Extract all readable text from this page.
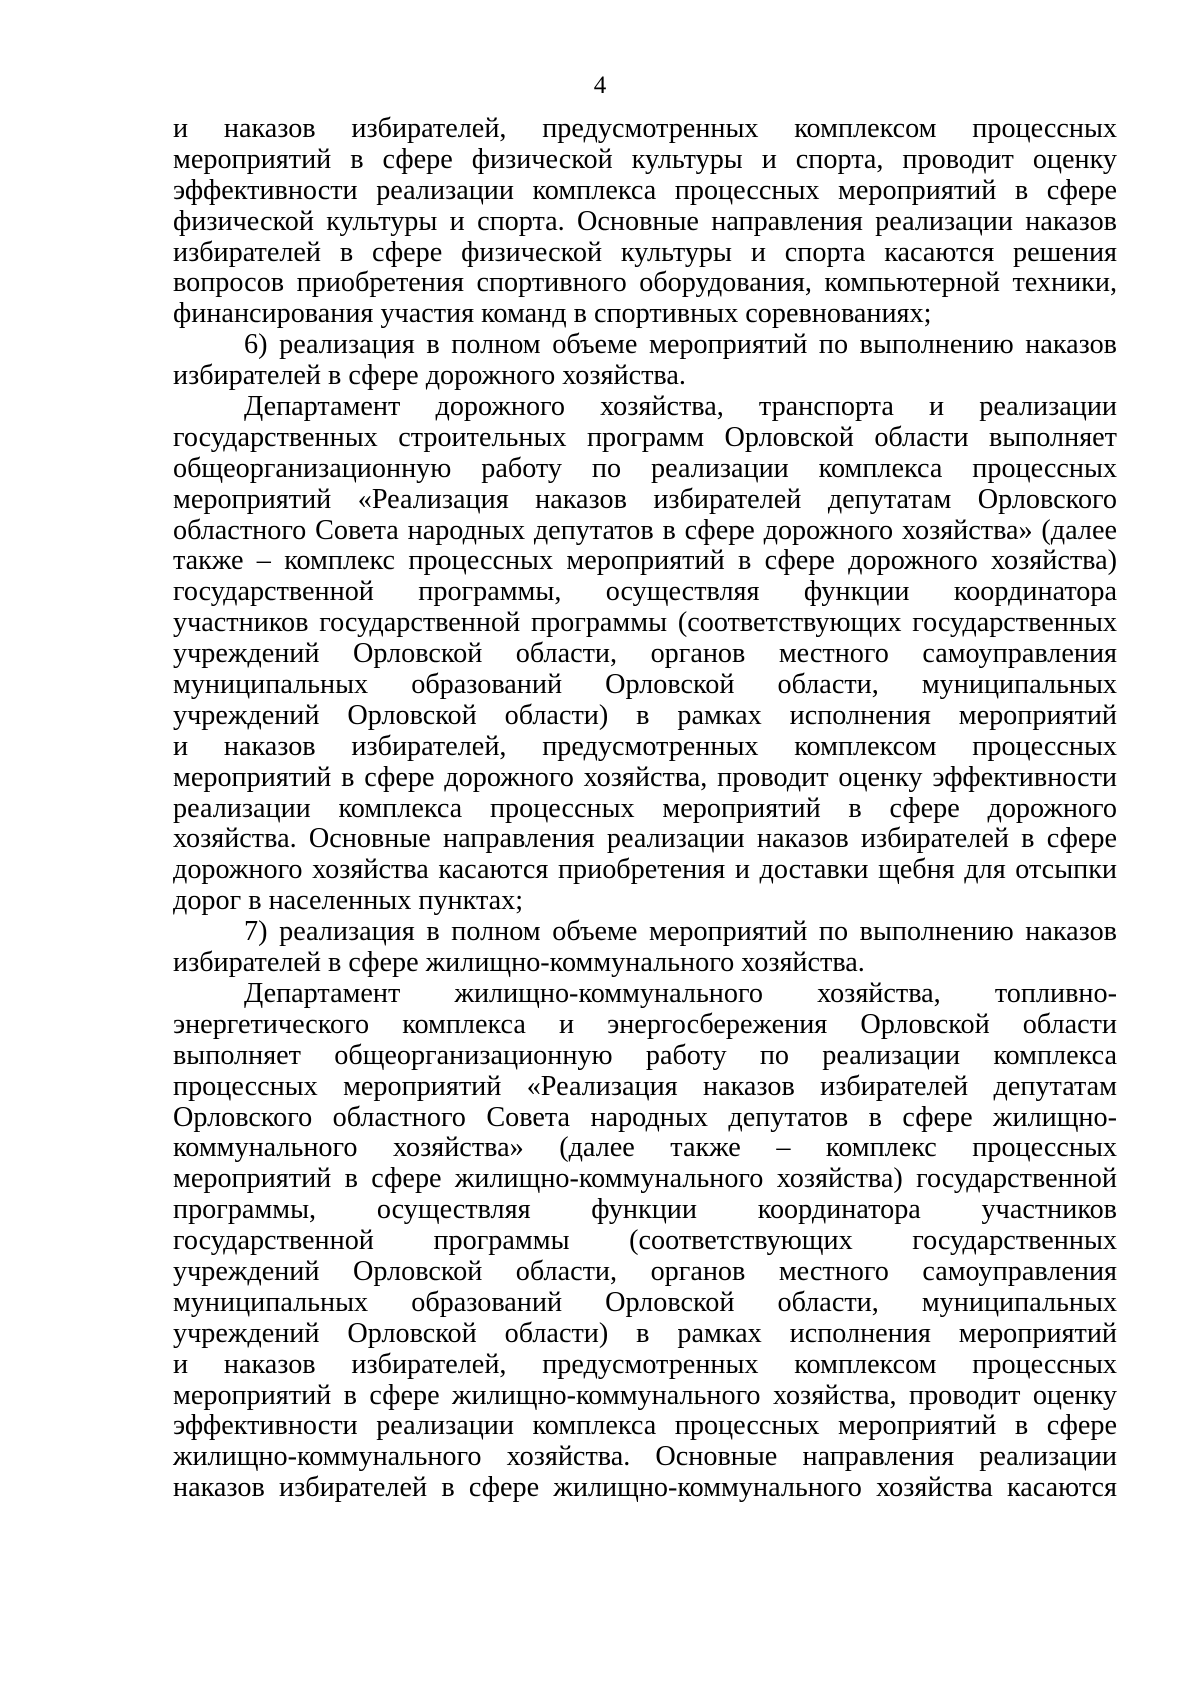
4
и наказов избирателей, предусмотренных комплексом процессных
мероприятий в сфере физической культуры и спорта, проводит оценку
эффективности реализации комплекса процессных мероприятий в сфере
физической культуры и спорта. Основные направления реализации наказов
избирателей в сфере физической культуры и спорта касаются решения
вопросов приобретения спортивного оборудования, компьютерной техники,
финансирования участия команд в спортивных соревнованиях;
6) реализация в полном объеме мероприятий по выполнению наказов
избирателей в сфере дорожного хозяйства.
Департамент дорожного хозяйства, транспорта и реализации
государственных строительных программ Орловской области выполняет
общеорганизационную работу по реализации комплекса процессных
мероприятий «Реализация наказов избирателей депутатам Орловского
областного Совета народных депутатов в сфере дорожного хозяйства» (далее
также – комплекс процессных мероприятий в сфере дорожного хозяйства)
государственной программы, осуществляя функции координатора
участников государственной программы (соответствующих государственных
учреждений Орловской области, органов местного самоуправления
муниципальных образований Орловской области, муниципальных
учреждений Орловской области) в рамках исполнения мероприятий
и наказов избирателей, предусмотренных комплексом процессных
мероприятий в сфере дорожного хозяйства, проводит оценку эффективности
реализации комплекса процессных мероприятий в сфере дорожного
хозяйства. Основные направления реализации наказов избирателей в сфере
дорожного хозяйства касаются приобретения и доставки щебня для отсыпки
дорог в населенных пунктах;
7) реализация в полном объеме мероприятий по выполнению наказов
избирателей в сфере жилищно-коммунального хозяйства.
Департамент жилищно-коммунального хозяйства, топливно-
энергетического комплекса и энергосбережения Орловской области
выполняет общеорганизационную работу по реализации комплекса
процессных мероприятий «Реализация наказов избирателей депутатам
Орловского областного Совета народных депутатов в сфере жилищно-
коммунального хозяйства» (далее также – комплекс процессных
мероприятий в сфере жилищно-коммунального хозяйства) государственной
программы, осуществляя функции координатора участников
государственной программы (соответствующих государственных
учреждений Орловской области, органов местного самоуправления
муниципальных образований Орловской области, муниципальных
учреждений Орловской области) в рамках исполнения мероприятий
и наказов избирателей, предусмотренных комплексом процессных
мероприятий в сфере жилищно-коммунального хозяйства, проводит оценку
эффективности реализации комплекса процессных мероприятий в сфере
жилищно-коммунального хозяйства. Основные направления реализации
наказов избирателей в сфере жилищно-коммунального хозяйства касаются
